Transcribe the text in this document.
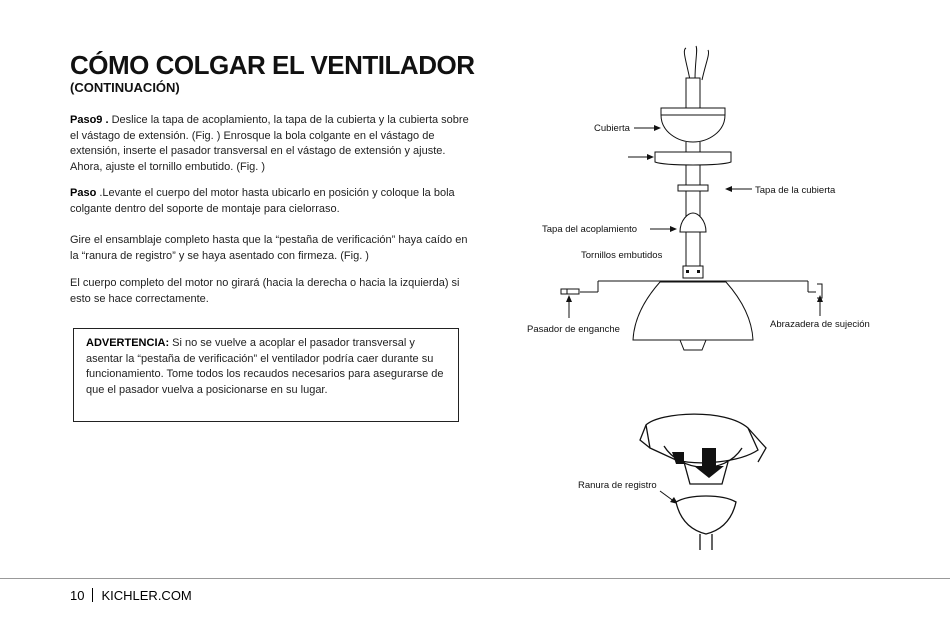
CÓMO COLGAR EL VENTILADOR
(CONTINUACIÓN)

Paso9 . Deslice la tapa de acoplamiento, la tapa de la cubierta y la cubierta sobre el vástago de extensión. (Fig. ) Enrosque la bola colgante en el vástago de extensión, inserte el pasador transversal en el vástago de extensión y ajuste. Ahora, ajuste el tornillo embutido. (Fig. )

Paso .Levante el cuerpo del motor hasta ubicarlo en posición y coloque la bola colgante dentro del soporte de montaje para cielorraso.

Gire el ensamblaje completo hasta que la “pestaña de verificación” haya caído en la “ranura de registro” y se haya asentado con firmeza. (Fig. )

El cuerpo completo del motor no girará (hacia la derecha o hacia la izquierda) si esto se hace correctamente.

ADVERTENCIA: Si no se vuelve a acoplar el pasador transversal y asentar la “pestaña de verificación” el ventilador podría caer durante su funcionamiento. Tome todos los recaudos necesarios para asegurarse de que el pasador vuelva a posicionarse en su lugar.
Cubierta
Tapa de la cubierta
Tapa del acoplamiento
Tornillos embutidos
Pasador de enganche	Abrazadera de sujeción
Ranura de registro
10 KICHLER.COM
